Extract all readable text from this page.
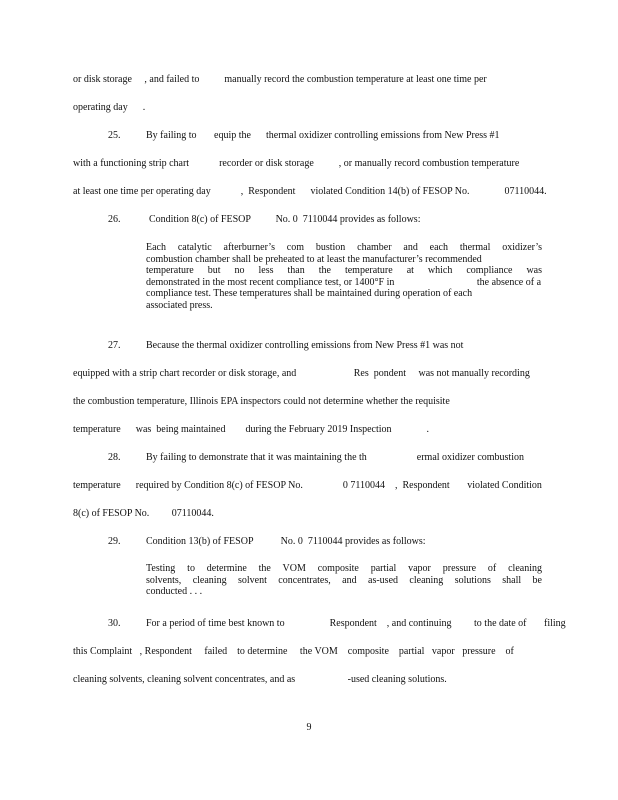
or disk storage     , and failed to          manually record the combustion temperature at least one time per
operating day      .
25.	By failing to       equip the      thermal oxidizer controlling emissions from New Press #1
with a functioning strip chart            recorder or disk storage          , or manually record combustion temperature
at least one time per operating day            ,  Respondent      violated Condition 14(b) of FESOP No.              07110044.
26.	Condition 8(c) of FESOP          No. 0  7110044 provides as follows:
Each catalytic afterburner’s com bustion chamber and each thermal oxidizer’s
combustion chamber shall be preheated to at least the manufacturer’s recommended
temperature but no less than the temperature at which compliance was
demonstrated in the most recent compliance test, or 1400°F in                                 the absence of a
compliance test. These temperatures shall be maintained during operation of each
associated press.
27.	Because the thermal oxidizer controlling emissions from New Press #1 was not
equipped with a strip chart recorder or disk storage, and                       Res  pondent     was not manually recording
the combustion temperature, Illinois EPA inspectors could not determine whether the requisite
temperature      was  being maintained        during the February 2019 Inspection              .
28.	By failing to demonstrate that it was maintaining the th                    ermal oxidizer combustion
temperature      required by Condition 8(c) of FESOP No.                0 7110044    ,  Respondent       violated Condition
8(c) of FESOP No.         07110044.
29.	Condition 13(b) of FESOP           No. 0  7110044 provides as follows:
Testing to determine the VOM composite partial vapor pressure of cleaning
solvents, cleaning solvent concentrates, and as-used cleaning solutions shall be
conducted . . .
30.	For a period of time best known to                  Respondent    , and continuing         to the date of       filing
this Complaint   , Respondent     failed    to determine     the VOM    composite    partial   vapor   pressure    of
cleaning solvents, cleaning solvent concentrates, and as                     -used cleaning solutions.
9
